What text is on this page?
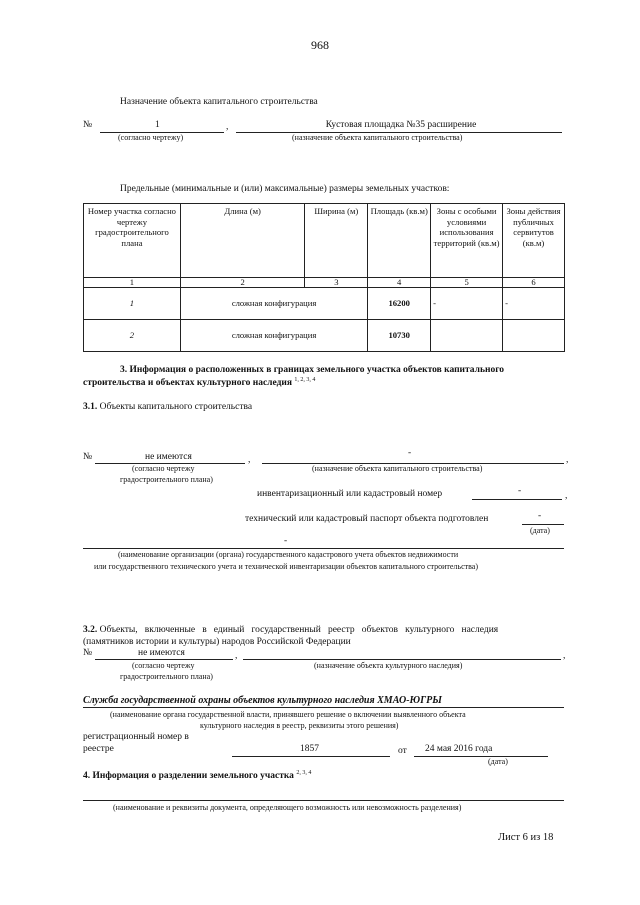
968
Назначение объекта капитального строительства
№	1	,	Кустовая площадка №35 расширение
(согласно чертежу)	(назначение объекта капитального строительства)
Предельные (минимальные и (или) максимальные) размеры земельных участков:
Номер участка согласно чертежу градостроительного плана	Длина (м)	Ширина (м)	Площадь (кв.м)	Зоны с особыми условиями использования территорий (кв.м)	Зоны действия публичных сервитутов (кв.м)
1	2	3	4	5	6
1	сложная конфигурация		16200	-	-
2	сложная конфигурация		10730		
3. Информация о расположенных в границах земельного участка объектов капитального
строительства и объектах культурного наследия $^{1, 2, 3, 4}$
3.1. Объекты капитального строительства
№	не имеются	,
-
,
(согласно чертежу
градостроительного плана)
(назначение объекта капитального строительства)
инвентаризационный или кадастровый номер	-	,
технический или кадастровый паспорт объекта подготовлен	-
(дата)
-
(наименование организации (органа) государственного кадастрового учета объектов недвижимости
или государственного технического учета и технической инвентаризации объектов капитального строительства)
3.2. Объекты,   включенные   в   единый   государственный   реестр   объектов   культурного   наследия
(памятников истории и культуры) народов Российской Федерации
№	не имеются	,	,
(согласно чертежу
градостроительного плана)
(назначение объекта культурного наследия)
Служба государственной охраны объектов культурного наследия ХМАО-ЮГРЫ
(наименование органа государственной власти, принявшего решение о включении выявленного объекта
культурного наследия в реестр, реквизиты этого решения)
регистрационный номер в
реестре	1857	от 24 мая 2016 года
(дата)
4. Информация о разделении земельного участка $^{2, 3, 4}$
(наименование и реквизиты документа, определяющего возможность или невозможность разделения)
Лист 6 из 18
